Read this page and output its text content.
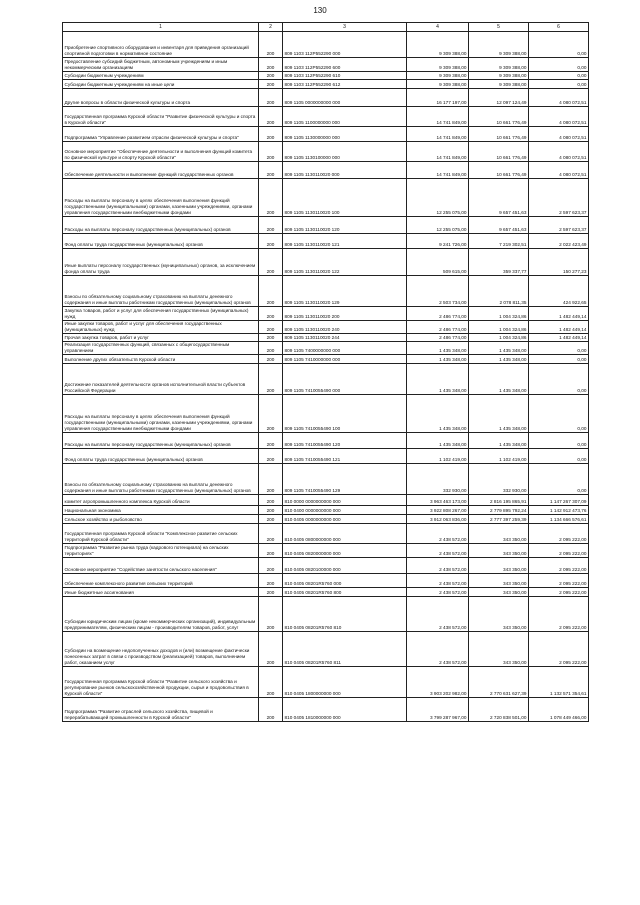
130
1	2	3	4	5	6
Приобретение спортивного оборудования и инвентаря для приведения организаций спортивной подготовки в нормативное состояние	200	809 1103 112P552290 000	9 309 388,00	9 309 388,00	0,00
Предоставление субсидий бюджетным, автономным учреждениям и иным некоммерческим организациям	200	809 1103 112P552290 600	9 309 388,00	9 309 388,00	0,00
Субсидии бюджетным учреждениям	200	809 1103 112P552290 610	9 309 388,00	9 309 388,00	0,00
Субсидии бюджетным учреждениям на иные цели	200	809 1103 112P552290 612	9 309 388,00	9 309 388,00	0,00
Другие вопросы в области физической культуры и спорта	200	809 1105 0000000000 000	16 177 197,00	12 097 124,49	4 080 072,51
Государственная программа Курской области "Развитие физической культуры и спорта в Курской области"	200	809 1105 1100000000 000	14 741 849,00	10 661 776,49	4 080 072,51
Подпрограмма "Управление развитием отрасли физической культуры и спорта"	200	809 1105 1130000000 000	14 741 849,00	10 661 776,49	4 080 072,51
Основное мероприятие "Обеспечение деятельности и выполнения функций комитета по физической культуре и спорту Курской области"	200	809 1105 1130100000 000	14 741 849,00	10 661 776,49	4 080 072,51
Обеспечение деятельности и выполнение функций государственных органов	200	809 1105 1130110020 000	14 741 849,00	10 661 776,49	4 080 072,51
Расходы на выплаты персоналу в целях обеспечения выполнения функций государственными (муниципальными) органами, казенными учреждениями, органами управления государственными внебюджетными фондами	200	809 1105 1130110020 100	12 255 075,00	9 657 451,63	2 597 623,37
Расходы на выплаты персоналу государственных (муниципальных) органов	200	809 1105 1130110020 120	12 255 075,00	9 657 451,63	2 597 623,37
Фонд оплаты труда государственных (муниципальных) органов	200	809 1105 1130110020 121	9 241 726,00	7 219 302,51	2 022 423,49
Иные выплаты персоналу государственных (муниципальных) органов, за исключением фонда оплаты труда	200	809 1105 1130110020 122	509 615,00	359 337,77	150 277,23
Взносы по обязательному социальному страхованию на выплаты денежного содержания и иные выплаты работникам государственных (муниципальных) органов	200	809 1105 1130110020 129	2 503 734,00	2 078 811,35	424 922,65
Закупка товаров, работ и услуг для обеспечения государственных (муниципальных) нужд	200	809 1105 1130110020 200	2 486 774,00	1 004 324,86	1 482 449,14
Иные закупки товаров, работ и услуг для обеспечения государственных (муниципальных) нужд	200	809 1105 1130110020 240	2 486 774,00	1 004 324,86	1 482 449,14
Прочая закупка товаров, работ и услуг	200	809 1105 1130110020 244	2 486 774,00	1 004 324,86	1 482 449,14
Реализация государственных функций, связанных с общегосударственным управлением	200	809 1105 7400000000 000	1 435 348,00	1 435 348,00	0,00
Выполнение других обязательств Курской области	200	809 1105 7410000000 000	1 435 348,00	1 435 348,00	0,00
Достижение показателей деятельности органов исполнительной власти субъектов Российской Федерации	200	809 1105 7410055490 000	1 435 348,00	1 435 348,00	0,00
Расходы на выплаты персоналу в целях обеспечения выполнения функций государственными (муниципальными) органами, казенными учреждениями, органами управления государственными внебюджетными фондами	200	809 1105 7410055490 100	1 435 348,00	1 435 348,00	0,00
Расходы на выплаты персоналу государственных (муниципальных) органов	200	809 1105 7410055490 120	1 435 348,00	1 435 348,00	0,00
Фонд оплаты труда государственных (муниципальных) органов	200	809 1105 7410055490 121	1 102 419,00	1 102 419,00	0,00
Взносы по обязательному социальному страхованию на выплаты денежного содержания и иные выплаты работникам государственных (муниципальных) органов	200	809 1105 7410055490 129	332 930,00	332 930,00	0,00
комитет агропромышленного комплекса Курской области	200	810 0000 0000000000 000	3 963 463 173,00	2 816 195 865,91	1 147 267 307,09
Национальная экономика	200	810 0400 0000000000 000	3 922 808 267,00	2 779 895 792,24	1 142 912 473,76
Сельское хозяйство и рыболовство	200	810 0405 0000000000 000	3 912 063 836,00	2 777 397 259,39	1 134 666 576,61
Государственная программа Курской области "Комплексное развитие сельских территорий Курской области"	200	810 0405 0800000000 000	2 438 572,00	343 350,00	2 095 222,00
Подпрограмма "Развитие рынка труда (кадрового потенциала) на сельских территориях"	200	810 0405 0820000000 000	2 438 572,00	343 350,00	2 095 222,00
Основное мероприятие "Содействие занятости сельского населения"	200	810 0405 0820100000 000	2 438 572,00	343 350,00	2 095 222,00
Обеспечение комплексного развития сельских территорий	200	810 0405 08201R5760 000	2 438 572,00	343 350,00	2 095 222,00
Иные бюджетные ассигнования	200	810 0405 08201R5760 800	2 438 572,00	343 350,00	2 095 222,00
Субсидии юридическим лицам (кроме некоммерческих организаций), индивидуальным предпринимателям, физическим лицам - производителям товаров, работ, услуг	200	810 0405 08201R5760 810	2 438 572,00	343 350,00	2 095 222,00
Субсидии на возмещение недополученных доходов и (или) возмещение фактически понесенных затрат в связи с производством (реализацией) товаров, выполнением работ, оказанием услуг	200	810 0405 08201R5760 811	2 438 572,00	343 350,00	2 095 222,00
Государственная программа Курской области "Развитие сельского хозяйства и регулирование рынков сельскохозяйственной продукции, сырья и продовольствия в Курской области"	200	810 0405 1800000000 000	3 903 202 982,00	2 770 631 627,39	1 132 571 354,61
Подпрограмма "Развитие отраслей сельского хозяйства, пищевой и перерабатывающей промышленности в Курской области"	200	810 0405 1810000000 000	3 799 287 967,00	2 720 838 501,00	1 078 449 466,00
